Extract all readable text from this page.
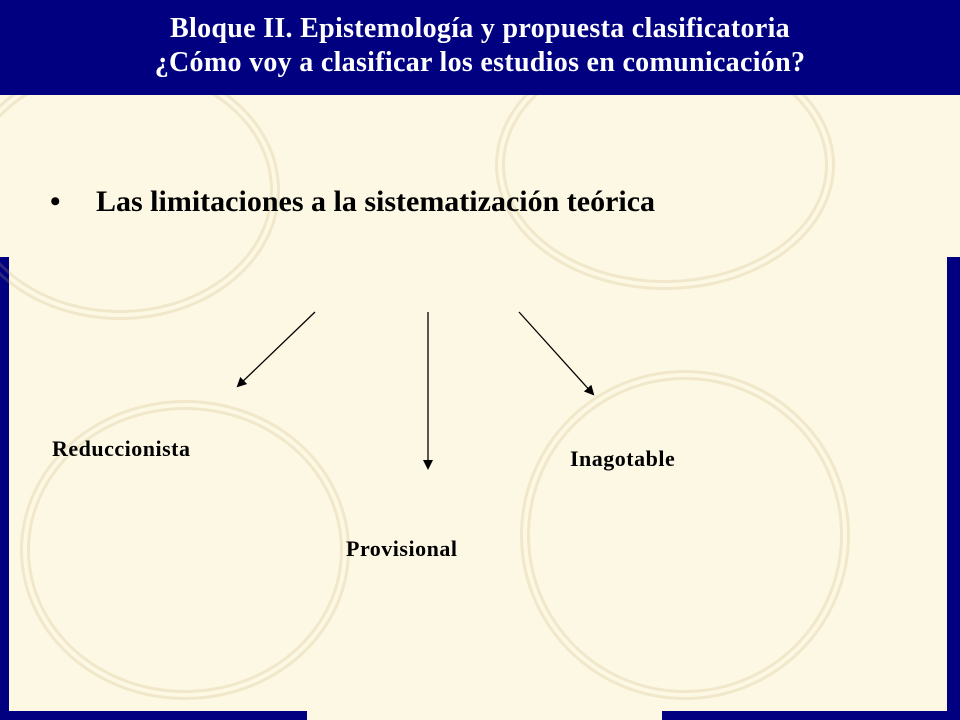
Bloque II. Epistemología y propuesta clasificatoria
¿Cómo voy a clasificar los estudios en comunicación?
• Las limitaciones a la sistematización teórica
Reduccionista	Inagotable
Provisional
